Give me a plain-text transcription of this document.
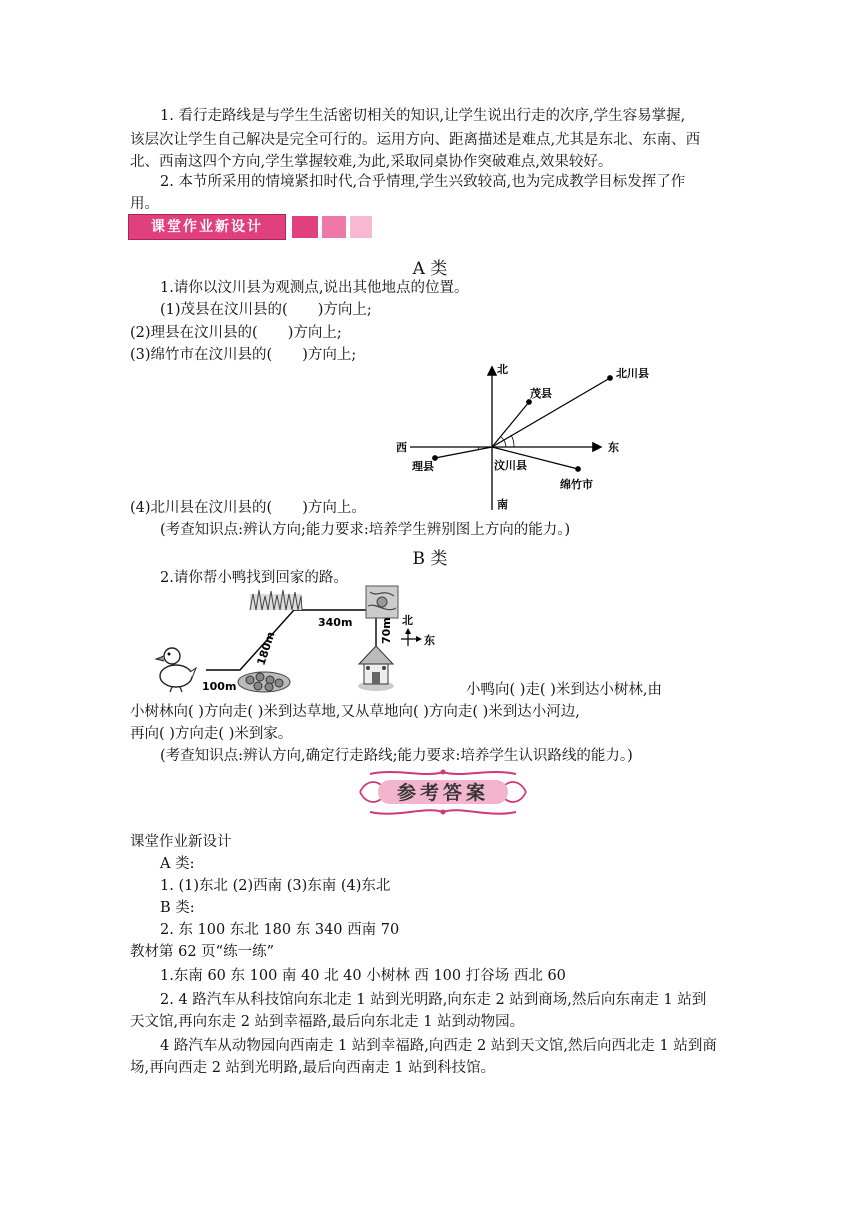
1. 看行走路线是与学生生活密切相关的知识,让学生说出行走的次序,学生容易掌握,
该层次让学生自己解决是完全可行的。运用方向、距离描述是难点,尤其是东北、东南、西
北、西南这四个方向,学生掌握较难,为此,采取同桌协作突破难点,效果较好。
2. 本节所采用的情境紧扣时代,合乎情理,学生兴致较高,也为完成教学目标发挥了作
用。
课堂作业新设计
A 类
1.请你以汶川县为观测点,说出其他地点的位置。
(1)茂县在汶川县的( )方向上;
(2)理县在汶川县的( )方向上;
(3)绵竹市在汶川县的( )方向上;
北
南
东
西
茂县
北川县
理县	汶川县
绵竹市
(4)北川县在汶川县的( )方向上。
(考查知识点:辨认方向;能力要求:培养学生辨别图上方向的能力。)
B 类
2.请你帮小鸭找到回家的路。
北
东
100m
180m
340m	70m
小鸭向( )走( )米到达小树林,由
小树林向( )方向走( )米到达草地,又从草地向( )方向走( )米到达小河边,
再向( )方向走( )米到家。
(考查知识点:辨认方向,确定行走路线;能力要求:培养学生认识路线的能力。)
参考答案
课堂作业新设计
A 类:
1. (1)东北 (2)西南 (3)东南 (4)东北
B 类:
2. 东 100 东北 180 东 340 西南 70
教材第 62 页“练一练”
1.东南 60 东 100 南 40 北 40 小树林 西 100 打谷场 西北 60
2. 4 路汽车从科技馆向东北走 1 站到光明路,向东走 2 站到商场,然后向东南走 1 站到
天文馆,再向东走 2 站到幸福路,最后向东北走 1 站到动物园。
4 路汽车从动物园向西南走 1 站到幸福路,向西走 2 站到天文馆,然后向西北走 1 站到商
场,再向西走 2 站到光明路,最后向西南走 1 站到科技馆。
